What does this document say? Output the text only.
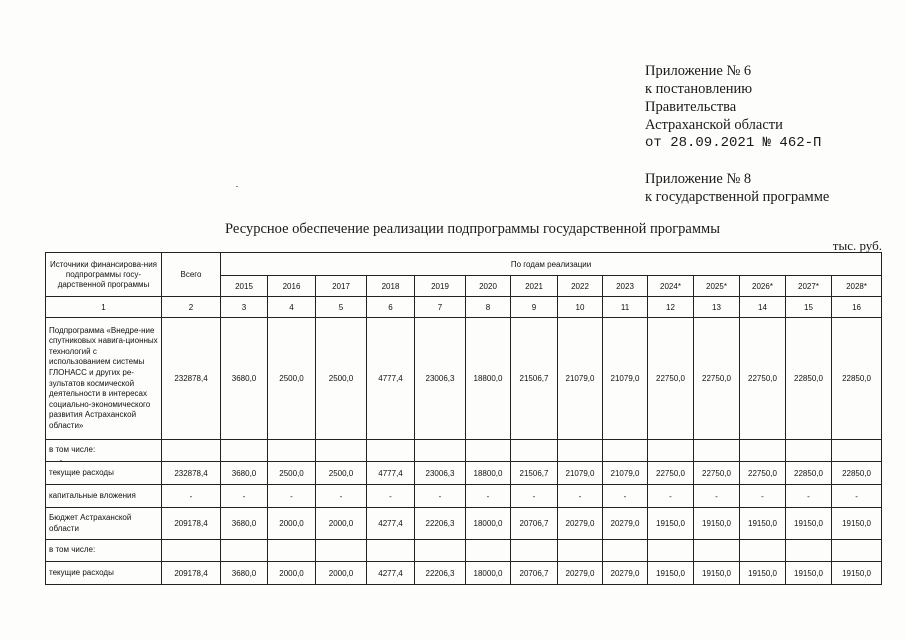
Приложение № 6
к постановлению
Правительства
Астраханской области
от 28.09.2021 № 462-П
Приложение № 8
к государственной программе
Ресурсное обеспечение реализации подпрограммы государственной программы
тыс. руб.
Источники финансирова-ния подпрограммы госу-дарственной программы	Всего	По годам реализации													
		2015	2016	2017	2018	2019	2020	2021	2022	2023	2024*	2025*	2026*	2027*	2028*
1	2	3	4	5	6	7	8	9	10	11	12	13	14	15	16
Подпрограмма «Внедре-ние спутниковых навига-ционных технологий с использованием системы ГЛОНАСС и других ре-зультатов космической деятельности в интересах социально-экономического развития Астраханской области»	232878,4	3680,0	2500,0	2500,0	4777,4	23006,3	18800,0	21506,7	21079,0	21079,0	22750,0	22750,0	22750,0	22850,0	22850,0
в том числе:															
текущие расходы	232878,4	3680,0	2500,0	2500,0	4777,4	23006,3	18800,0	21506,7	21079,0	21079,0	22750,0	22750,0	22750,0	22850,0	22850,0
капитальные вложения	-	-	-	-	-	-	-	-	-	-	-	-	-	-	-
Бюджет Астраханской области	209178,4	3680,0	2000,0	2000,0	4277,4	22206,3	18000,0	20706,7	20279,0	20279,0	19150,0	19150,0	19150,0	19150,0	19150,0
в том числе:															
текущие расходы	209178,4	3680,0	2000,0	2000,0	4277,4	22206,3	18000,0	20706,7	20279,0	20279,0	19150,0	19150,0	19150,0	19150,0	19150,0
